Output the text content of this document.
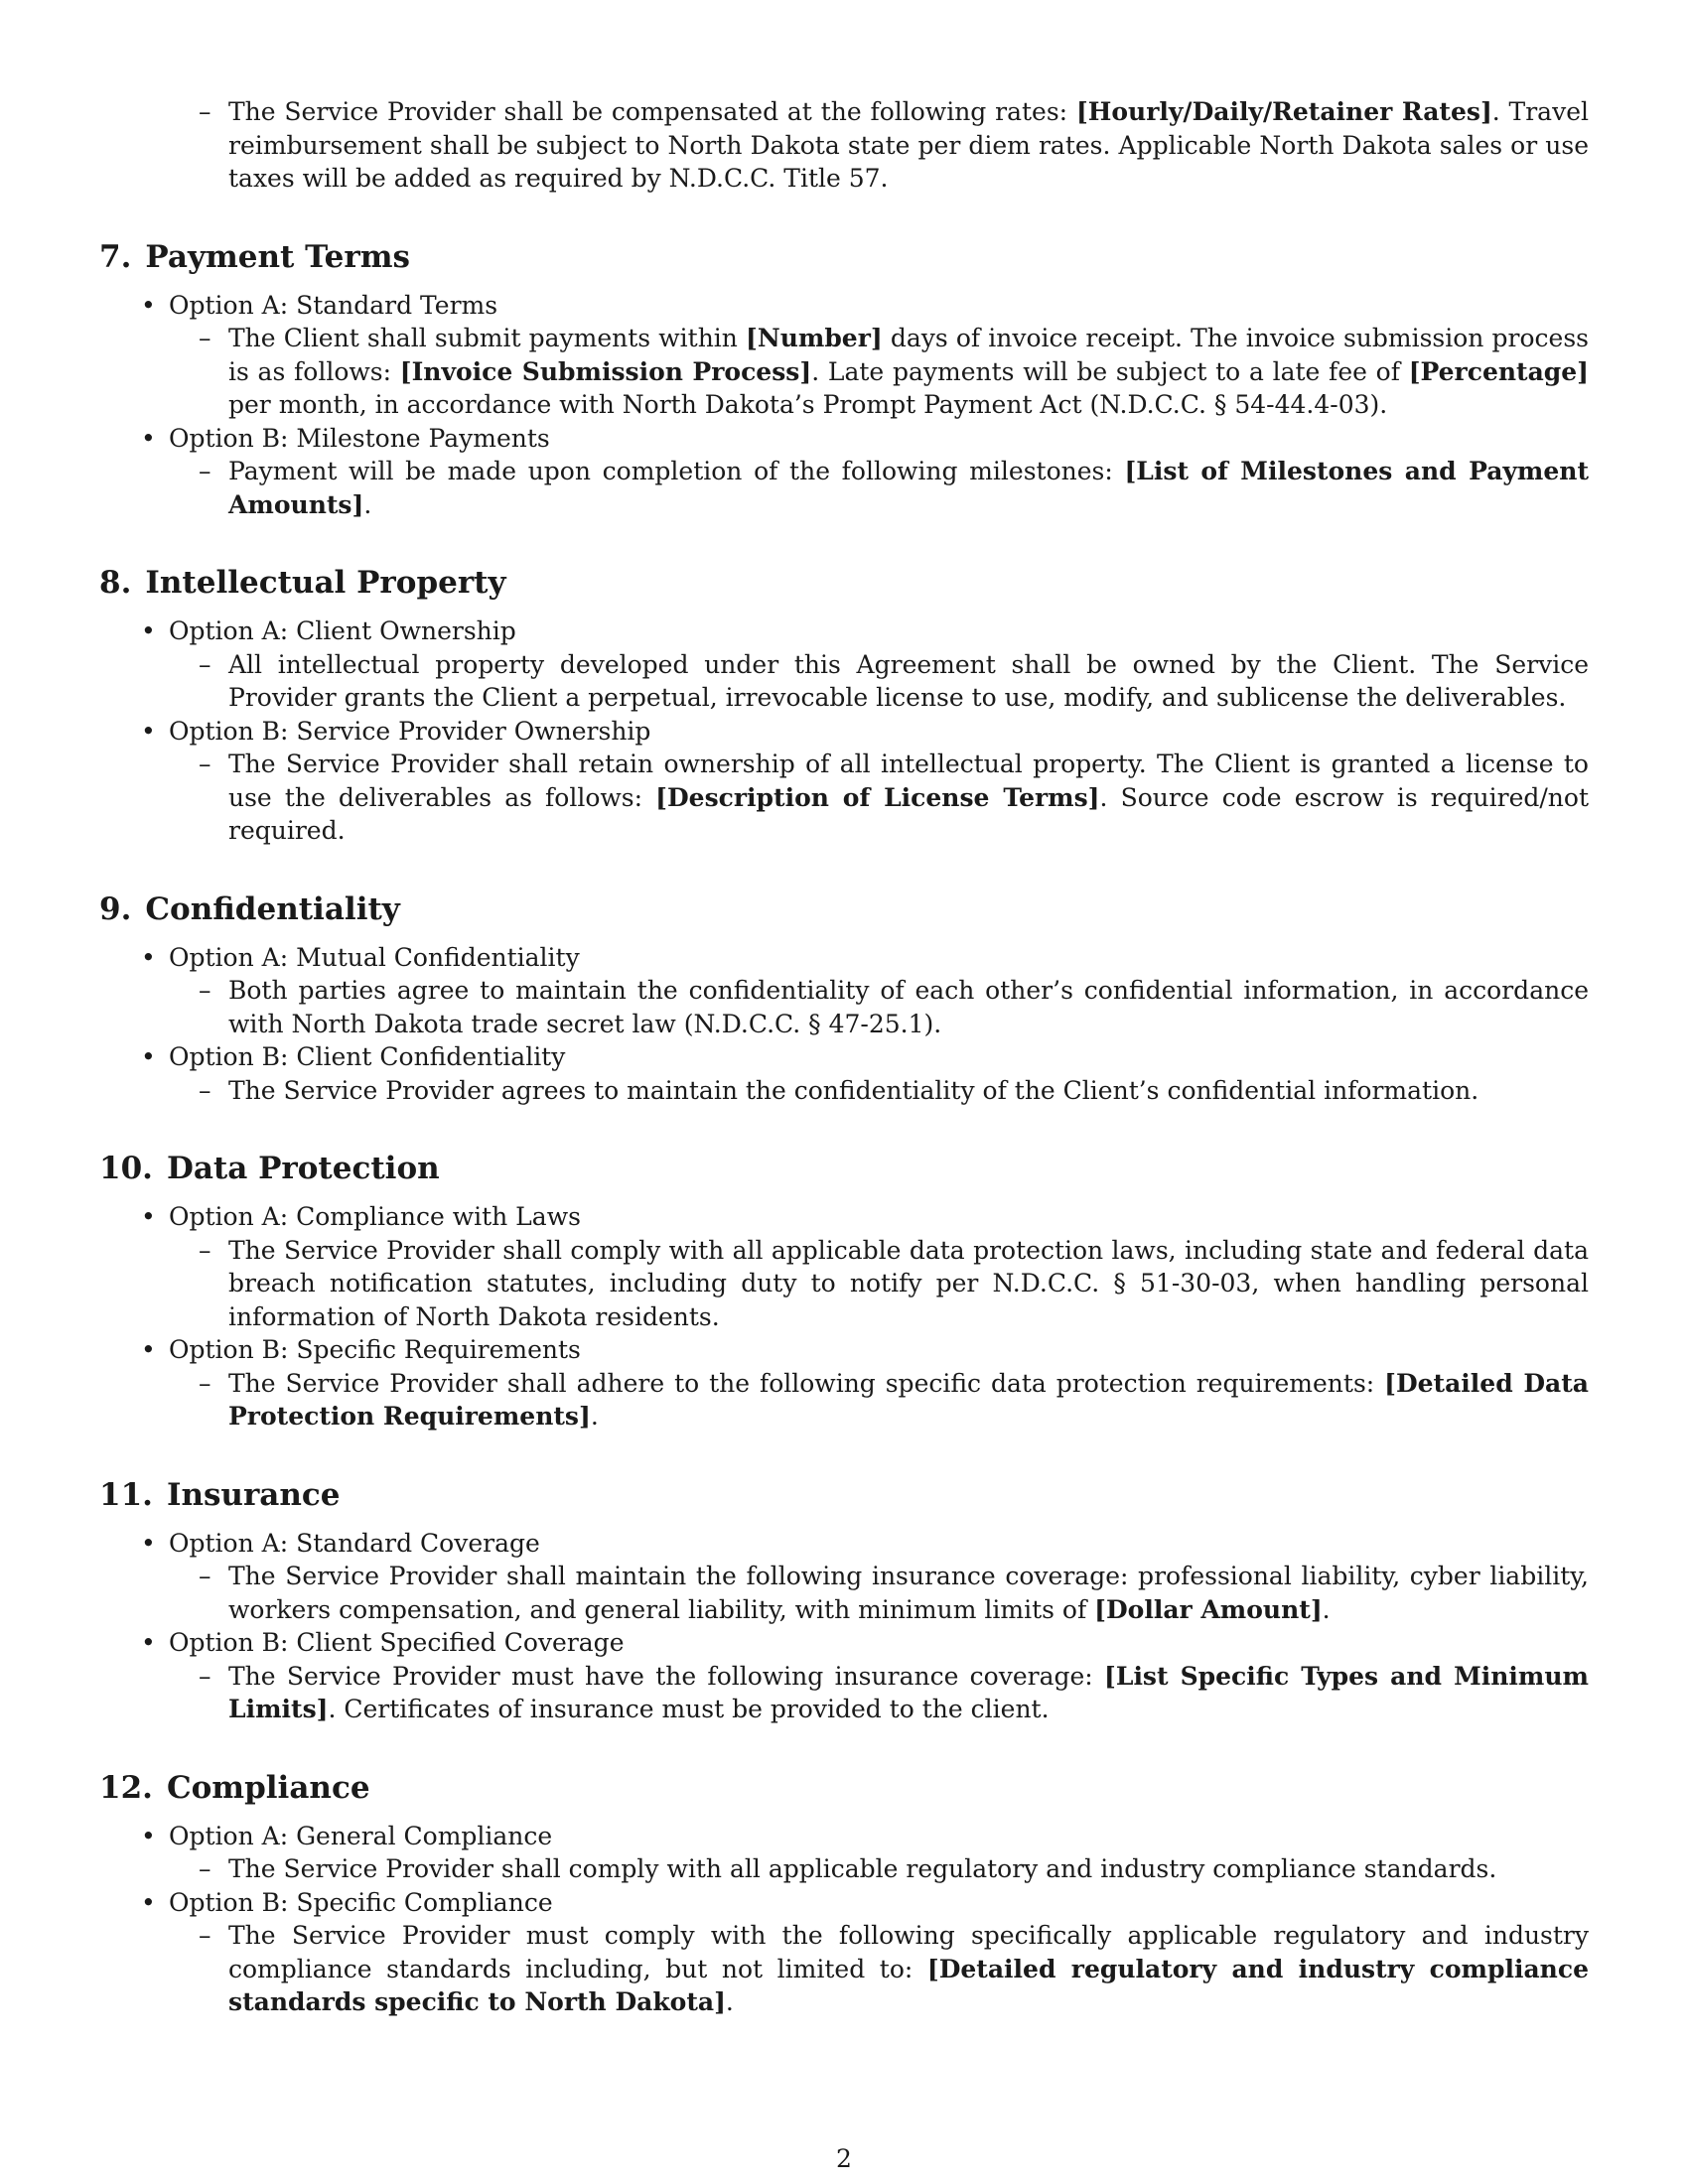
– The Service Provider shall be compensated at the following rates: [Hourly/Daily/Retainer Rates]. Travel reimbursement shall be subject to North Dakota state per diem rates. Applicable North Dakota sales or use taxes will be added as required by N.D.C.C. Title 57.

7. Payment Terms

• Option A: Standard Terms

– The Client shall submit payments within [Number] days of invoice receipt. The invoice submission process is as follows: [Invoice Submission Process]. Late payments will be subject to a late fee of [Percentage] per month, in accordance with North Dakota’s Prompt Payment Act (N.D.C.C. § 54-44.4-03).

• Option B: Milestone Payments

– Payment will be made upon completion of the following milestones: [List of Milestones and Payment Amounts].

8. Intellectual Property

• Option A: Client Ownership

– All intellectual property developed under this Agreement shall be owned by the Client. The Service Provider grants the Client a perpetual, irrevocable license to use, modify, and sublicense the deliverables.

• Option B: Service Provider Ownership

– The Service Provider shall retain ownership of all intellectual property. The Client is granted a license to use the deliverables as follows: [Description of License Terms]. Source code escrow is required/not required.

9. Confidentiality

• Option A: Mutual Confidentiality

– Both parties agree to maintain the confidentiality of each other’s confidential information, in accordance with North Dakota trade secret law (N.D.C.C. § 47-25.1).

• Option B: Client Confidentiality

– The Service Provider agrees to maintain the confidentiality of the Client’s confidential information.

10. Data Protection

• Option A: Compliance with Laws

– The Service Provider shall comply with all applicable data protection laws, including state and federal data breach notification statutes, including duty to notify per N.D.C.C. § 51-30-03, when handling personal information of North Dakota residents.

• Option B: Specific Requirements

– The Service Provider shall adhere to the following specific data protection requirements: [Detailed Data Protection Requirements].

11. Insurance

• Option A: Standard Coverage

– The Service Provider shall maintain the following insurance coverage: professional liability, cyber liability, workers compensation, and general liability, with minimum limits of [Dollar Amount].

• Option B: Client Specified Coverage

– The Service Provider must have the following insurance coverage: [List Specific Types and Minimum Limits]. Certificates of insurance must be provided to the client.

12. Compliance

• Option A: General Compliance

– The Service Provider shall comply with all applicable regulatory and industry compliance standards.

• Option B: Specific Compliance

– The Service Provider must comply with the following specifically applicable regulatory and industry compliance standards including, but not limited to: [Detailed regulatory and industry compliance standards specific to North Dakota].

2
